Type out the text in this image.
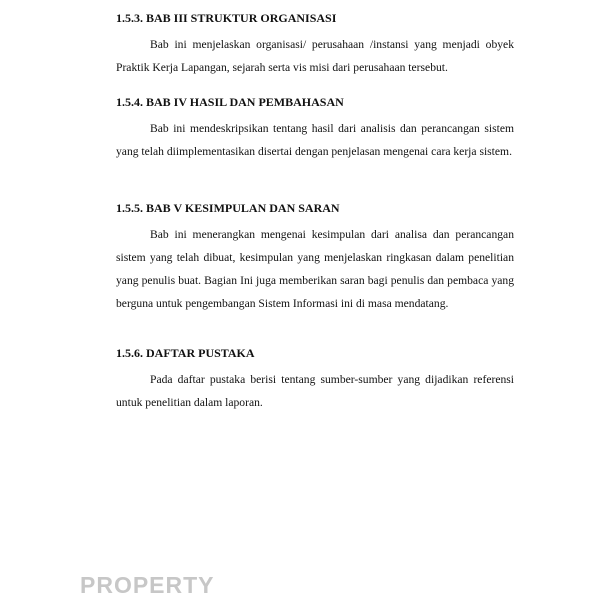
1.5.3. BAB III STRUKTUR ORGANISASI

Bab ini menjelaskan organisasi/ perusahaan /instansi yang menjadi obyek Praktik Kerja Lapangan, sejarah serta vis misi dari perusahaan tersebut.

1.5.4. BAB IV HASIL DAN PEMBAHASAN

Bab ini mendeskripsikan tentang hasil dari analisis dan perancangan sistem yang telah diimplementasikan disertai dengan penjelasan mengenai cara kerja sistem.

1.5.5. BAB V KESIMPULAN DAN SARAN

Bab ini menerangkan mengenai kesimpulan dari analisa dan perancangan sistem yang telah dibuat, kesimpulan yang menjelaskan ringkasan dalam penelitian yang penulis buat. Bagian Ini juga memberikan saran bagi penulis dan pembaca yang berguna untuk pengembangan Sistem Informasi ini di masa mendatang.

1.5.6. DAFTAR PUSTAKA

Pada daftar pustaka berisi tentang sumber-sumber yang dijadikan referensi untuk penelitian dalam laporan.

PROPERTY
